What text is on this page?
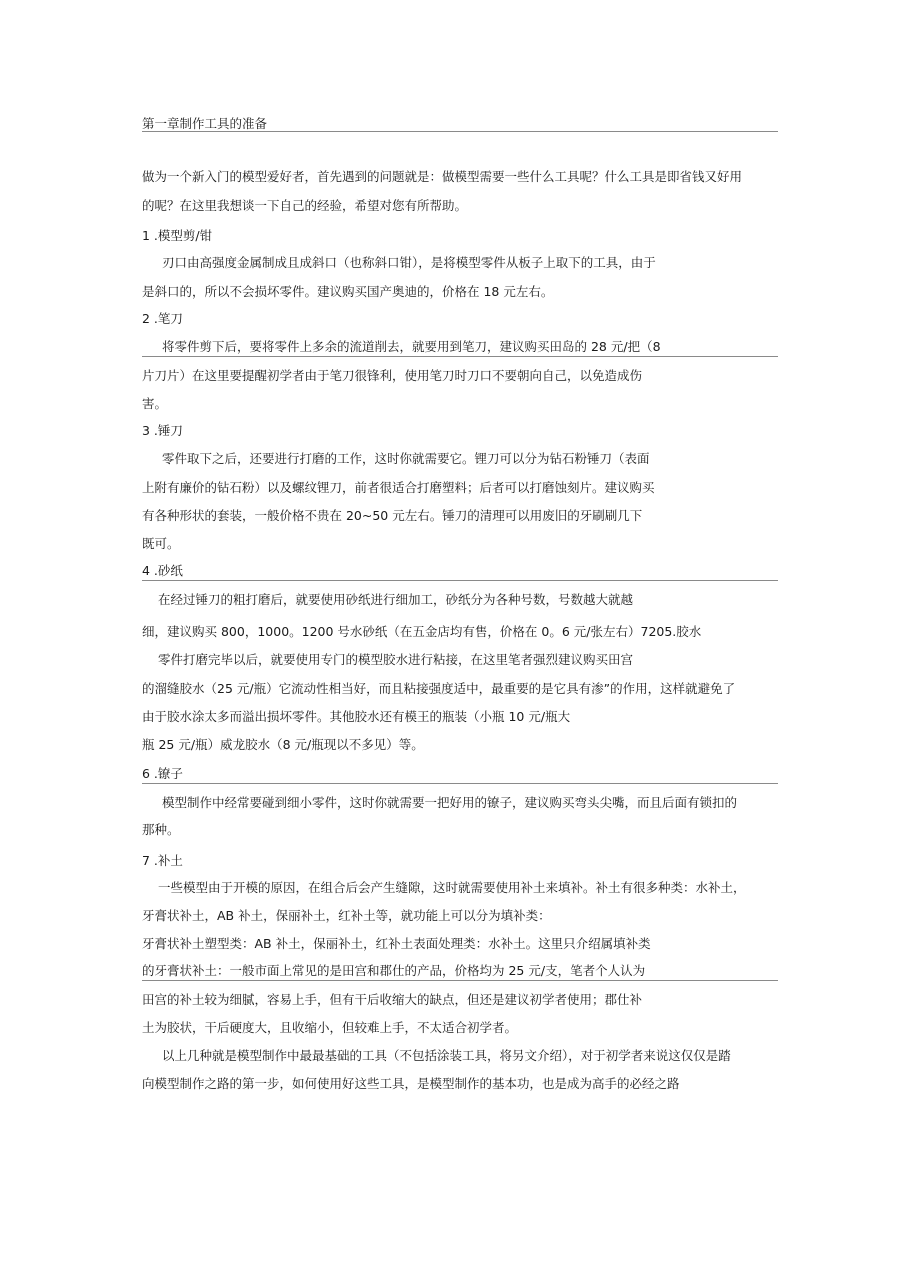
第一章制作工具的准备
做为一个新入门的模型爱好者，首先遇到的问题就是：做模型需要一些什么工具呢？什么工具是即省钱又好用
的呢？在这里我想谈一下自己的经验，希望对您有所帮助。
1 .模型剪/钳
刃口由高强度金属制成且成斜口（也称斜口钳），是将模型零件从板子上取下的工具，由于
是斜口的，所以不会损坏零件。建议购买国产奥迪的，价格在 18 元左右。
2 .笔刀
将零件剪下后，要将零件上多余的流道削去，就要用到笔刀，建议购买田岛的 28 元/把（8
片刀片）在这里要提醒初学者由于笔刀很锋利，使用笔刀时刀口不要朝向自己，以免造成伤
害。
3 .锤刀
零件取下之后，还要进行打磨的工作，这时你就需要它。锂刀可以分为钻石粉锤刀（表面
上附有廉价的钻石粉）以及螺纹锂刀，前者很适合打磨塑料；后者可以打磨蚀刻片。建议购买
有各种形状的套装，一般价格不贵在 20~50 元左右。锤刀的清理可以用废旧的牙刷刷几下
既可。
4 .砂纸
在经过锤刀的粗打磨后，就要使用砂纸进行细加工，砂纸分为各种号数，号数越大就越
细，建议购买 800，1000。1200 号水砂纸（在五金店均有售，价格在 0。6 元/张左右）7205.胶水
零件打磨完毕以后，就要使用专门的模型胶水进行粘接，在这里笔者强烈建议购买田宫
的溜缝胶水（25 元/瓶）它流动性相当好，而且粘接强度适中，最重要的是它具有渗”的作用，这样就避免了
由于胶水涂太多而溢出损坏零件。其他胶水还有模王的瓶装（小瓶 10 元/瓶大
瓶 25 元/瓶）威龙胶水（8 元/瓶现以不多见）等。
6 .镣子
模型制作中经常要碰到细小零件，这时你就需要一把好用的镣子，建议购买弯头尖嘴，而且后面有锁扣的
那种。
7 .补土
一些模型由于开模的原因，在组合后会产生缝隙，这时就需要使用补土来填补。补土有很多种类：水补土，
牙膏状补土，AB 补土，保丽补土，红补土等，就功能上可以分为填补类：
牙膏状补土塑型类：AB 补土，保丽补土，红补土表面处理类：水补土。这里只介绍属填补类
的牙膏状补土：一般市面上常见的是田宫和郡仕的产品，价格均为 25 元/支，笔者个人认为
田宫的补土较为细腻，容易上手，但有干后收缩大的缺点，但还是建议初学者使用；郡仕补
土为胶状，干后硬度大，且收缩小，但较难上手，不太适合初学者。
以上几种就是模型制作中最最基础的工具（不包括涂装工具，将另文介绍），对于初学者来说这仅仅是踏
向模型制作之路的第一步，如何使用好这些工具，是模型制作的基本功，也是成为高手的必经之路
